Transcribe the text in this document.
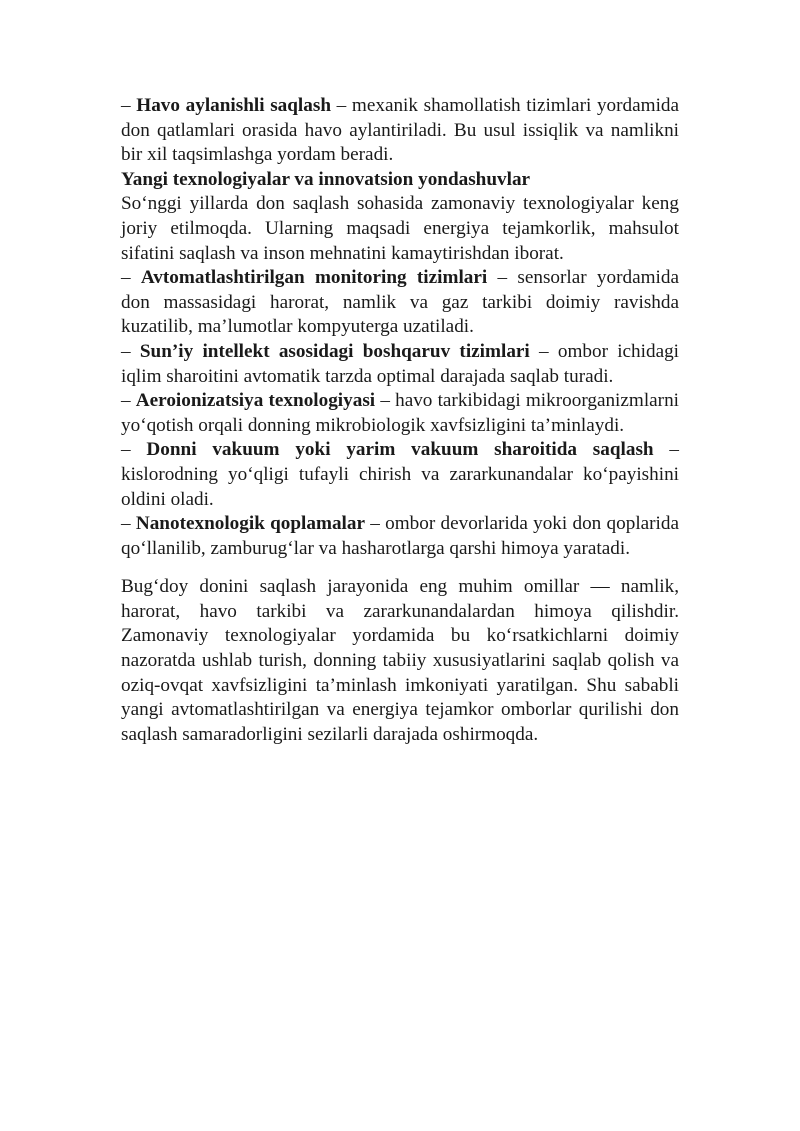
– Havo aylanishli saqlash – mexanik shamollatish tizimlari yordamida don qatlamlari orasida havo aylantiriladi. Bu usul issiqlik va namlikni bir xil taqsimlashga yordam beradi.

Yangi texnologiyalar va innovatsion yondashuvlar

So‘nggi yillarda don saqlash sohasida zamonaviy texnologiyalar keng joriy etilmoqda. Ularning maqsadi energiya tejamkorlik, mahsulot sifatini saqlash va inson mehnatini kamaytirishdan iborat.

– Avtomatlashtirilgan monitoring tizimlari – sensorlar yordamida don massasidagi harorat, namlik va gaz tarkibi doimiy ravishda kuzatilib, ma’lumotlar kompyuterga uzatiladi.

– Sun’iy intellekt asosidagi boshqaruv tizimlari – ombor ichidagi iqlim sharoitini avtomatik tarzda optimal darajada saqlab turadi.

– Aeroionizatsiya texnologiyasi – havo tarkibidagi mikroorganizmlarni yo‘qotish orqali donning mikrobiologik xavfsizligini ta’minlaydi.

– Donni vakuum yoki yarim vakuum sharoitida saqlash – kislorodning yo‘qligi tufayli chirish va zararkunandalar ko‘payishini oldini oladi.

– Nanotexnologik qoplamalar – ombor devorlarida yoki don qoplarida qo‘llanilib, zamburug‘lar va hasharotlarga qarshi himoya yaratadi.

Bug‘doy donini saqlash jarayonida eng muhim omillar — namlik, harorat, havo tarkibi va zararkunandalardan himoya qilishdir. Zamonaviy texnologiyalar yordamida bu ko‘rsatkichlarni doimiy nazoratda ushlab turish, donning tabiiy xususiyatlarini saqlab qolish va oziq-ovqat xavfsizligini ta’minlash imkoniyati yaratilgan. Shu sababli yangi avtomatlashtirilgan va energiya tejamkor omborlar qurilishi don saqlash samaradorligini sezilarli darajada oshirmoqda.
